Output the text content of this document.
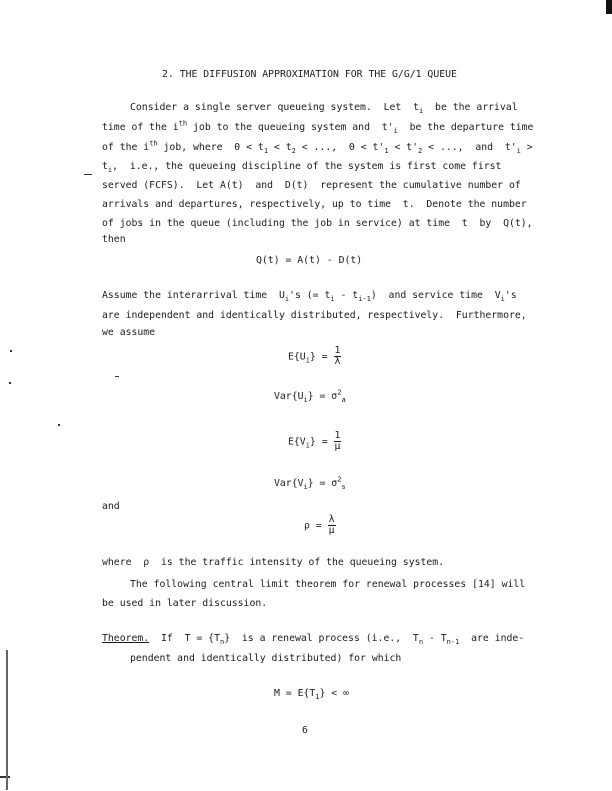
2. THE DIFFUSION APPROXIMATION FOR THE G/G/1 QUEUE
Consider a single server queueing system.  Let  $t_i$ be the arrival
time of the $i^{th}$ job to the queueing system and  $t'_i$ be the departure time
of the $i^{th}$ job, where  $0 < t_1 < t_2$ < ...,  $0 < t'_1 < t'_2$ < ...,  and  $t'_i$ >
$t_i$,  i.e., the queueing discipline of the system is first come first
served (FCFS).  Let A(t)  and  D(t)  represent the cumulative number of
arrivals and departures, respectively, up to time  t.  Denote the number
of jobs in the queue (including the job in service) at time  t  by  Q(t),
then
Q(t) = A(t) - D(t)
Assume the interarrival time  $U_i's$ (= $t_i - t_{i-1}$)  and service time  $V_i's$
are independent and identically distributed, respectively.  Furthermore,
we assume
$E\{U_i\} = \frac{1}{\lambda}$
$Var\{U_i\} = \sigma^2_a$
$E\{V_i\} = \frac{1}{\mu}$
$Var\{V_i\} = \sigma^2_s$
and
$\rho = \frac{\lambda}{\mu}$
where  ρ  is the traffic intensity of the queueing system.
The following central limit theorem for renewal processes [14] will
be used in later discussion.
Theorem. If  $T = \{T_n\}$  is a renewal process (i.e.,  $T_n - T_{n-1}$ are inde-
pendent and identically distributed) for which
$M = E\{T_1\}$ < ∞
6
